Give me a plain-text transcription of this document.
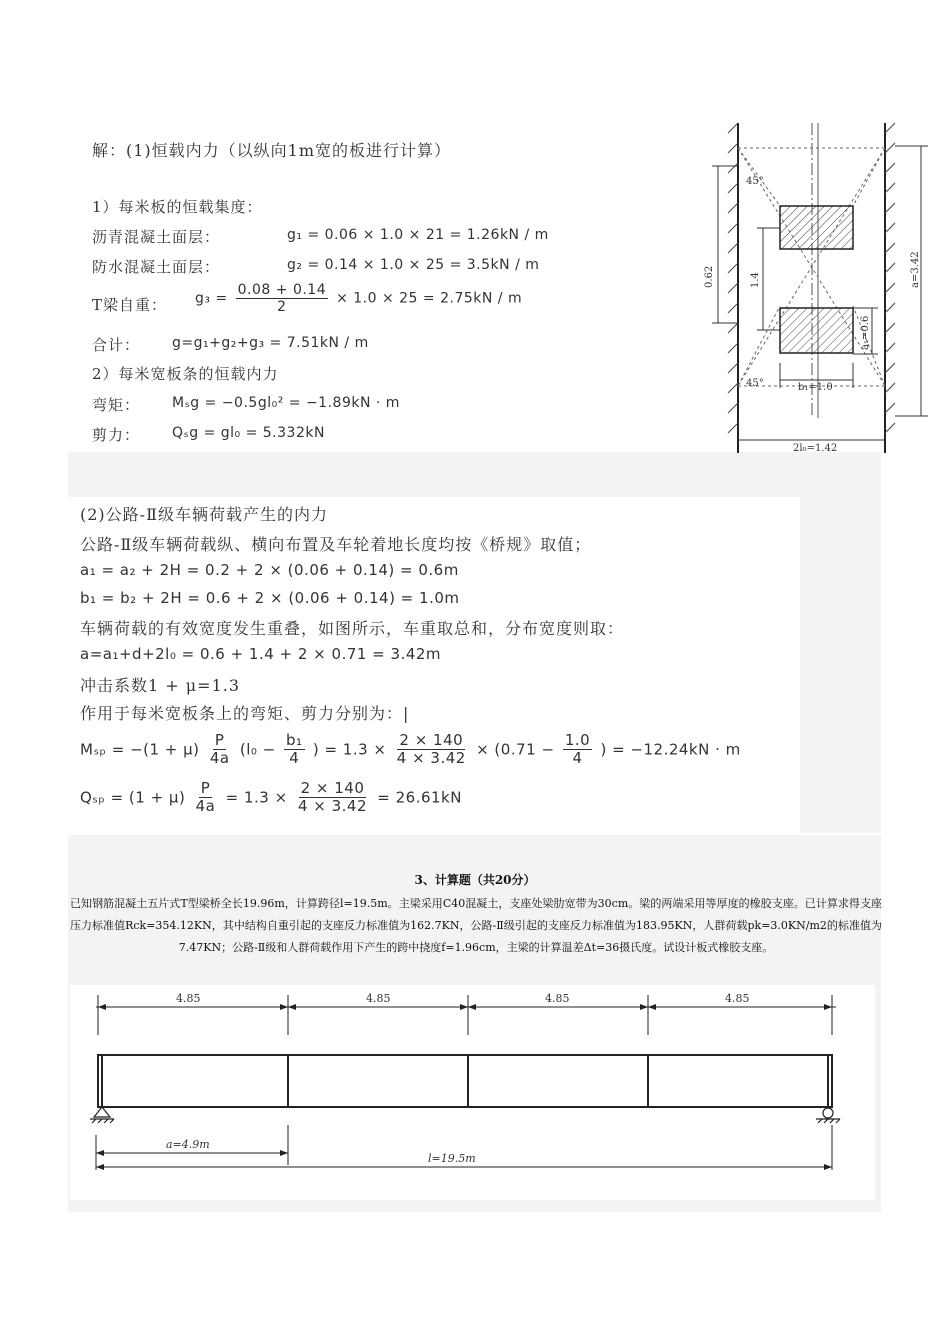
解：(1)恒载内力（以纵向1m宽的板进行计算）
1）每米板的恒载集度：
沥青混凝土面层：	g₁ = 0.06 × 1.0 × 21 = 1.26kN / m
防水混凝土面层：	g₂ = 0.14 × 1.0 × 25 = 3.5kN / m
T梁自重： $g_3 = \frac{0.08 + 0.14}{2} \times 1.0 \times 25 = 2.75kN / m$
合计： g=g₁+g₂+g₃ = 7.51kN / m
2）每米宽板条的恒载内力
弯矩： Mₛg = −0.5gl₀² = −1.89kN · m
剪力： Qₛg = gl₀ = 5.332kN
45°
45°
0.62	1.4
a₁=0.6
a=3.42
b₁=1.0
2l₀=1.42
(2)公路-Ⅱ级车辆荷载产生的内力
公路-Ⅱ级车辆荷载纵、横向布置及车轮着地长度均按《桥规》取值；
a₁ = a₂ + 2H = 0.2 + 2 × (0.06 + 0.14) = 0.6m
b₁ = b₂ + 2H = 0.6 + 2 × (0.06 + 0.14) = 1.0m
车辆荷载的有效宽度发生重叠，如图所示，车重取总和，分布宽度则取：
a=a₁+d+2l₀ = 0.6 + 1.4 + 2 × 0.71 = 3.42m
冲击系数1 + μ=1.3
作用于每米宽板条上的弯矩、剪力分别为：|
$M_{sp} = -(1 + \mu) \frac{P}{4a} (l_0 - \frac{\text{b₁}}{4}$ ) = $1.3 \times \frac{2 \times 140}{4 \times 3.42} \times (0.71 - \frac{1.0}{4}$ ) = −12.24kN · m
$Q_{sp} = (1 + \mu) \frac{P}{4a} = 1.3 \times \frac{2 \times 140}{4 \times 3.42} = 26.61kN$
3、计算题（共20分）
已知钢筋混凝土五片式T型梁桥全长19.96m，计算跨径l=19.5m。主梁采用C40混凝土，支座处梁肋宽带为30cm。梁的两端采用等厚度的橡胶支座。已计算求得支座压力标准值Rck=354.12KN，其中结构自重引起的支座反力标准值为162.7KN，公路-Ⅱ级引起的支座反力标准值为183.95KN，人群荷载pk=3.0KN/m2的标准值为7.47KN；公路-Ⅱ级和人群荷载作用下产生的跨中挠度f=1.96cm，主梁的计算温差Δt=36摄氏度。试设计板式橡胶支座。
4.85	4.85	4.85	4.85
a=4.9m
l=19.5m
